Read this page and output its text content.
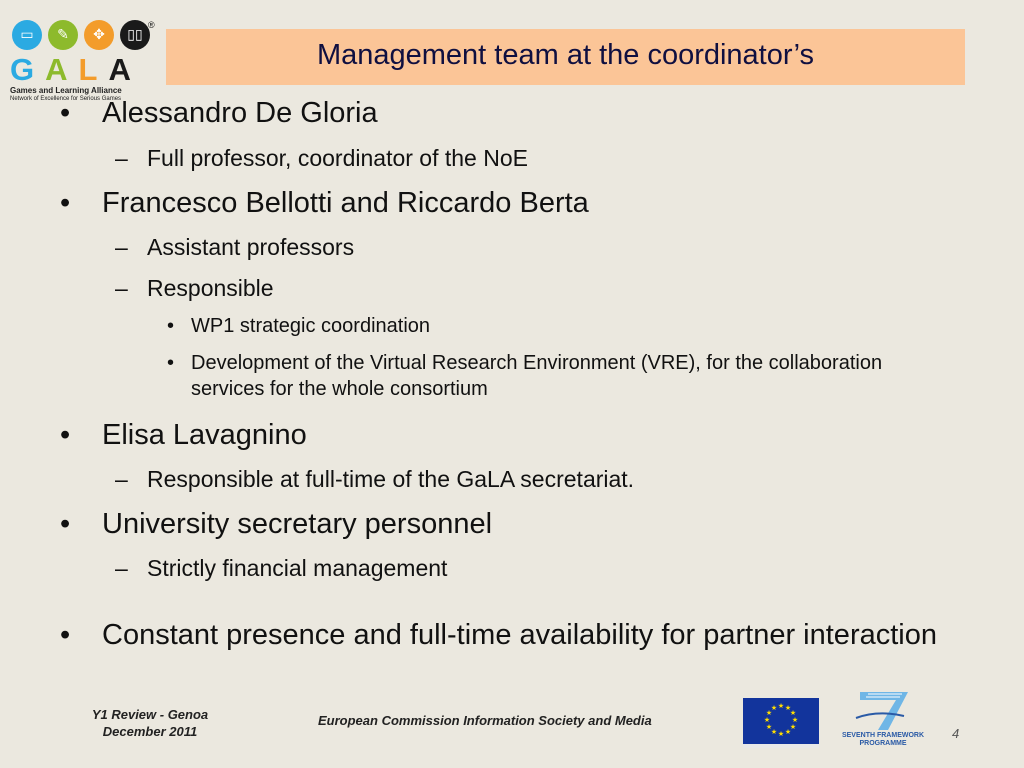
▭	✎	✥	▯▯
®
GALA
Games and Learning Alliance
Network of Excellence for Serious Games
Management team at the coordinator’s
• Alessandro De Gloria
– Full professor, coordinator of the NoE
• Francesco Bellotti and Riccardo Berta
– Assistant professors
– Responsible
• WP1 strategic coordination
• Development of the Virtual Research Environment (VRE), for the collaboration services for the whole consortium
• Elisa Lavagnino
– Responsible at full-time of the GaLA secretariat.
• University secretary personnel
– Strictly financial management
• Constant presence and full-time availability for partner interaction
Y1 Review - Genoa
December 2011
European Commission Information Society and Media
★ ★
★
★
★
★
★
★
★
★
★
★
SEVENTH FRAMEWORK
PROGRAMME
4
